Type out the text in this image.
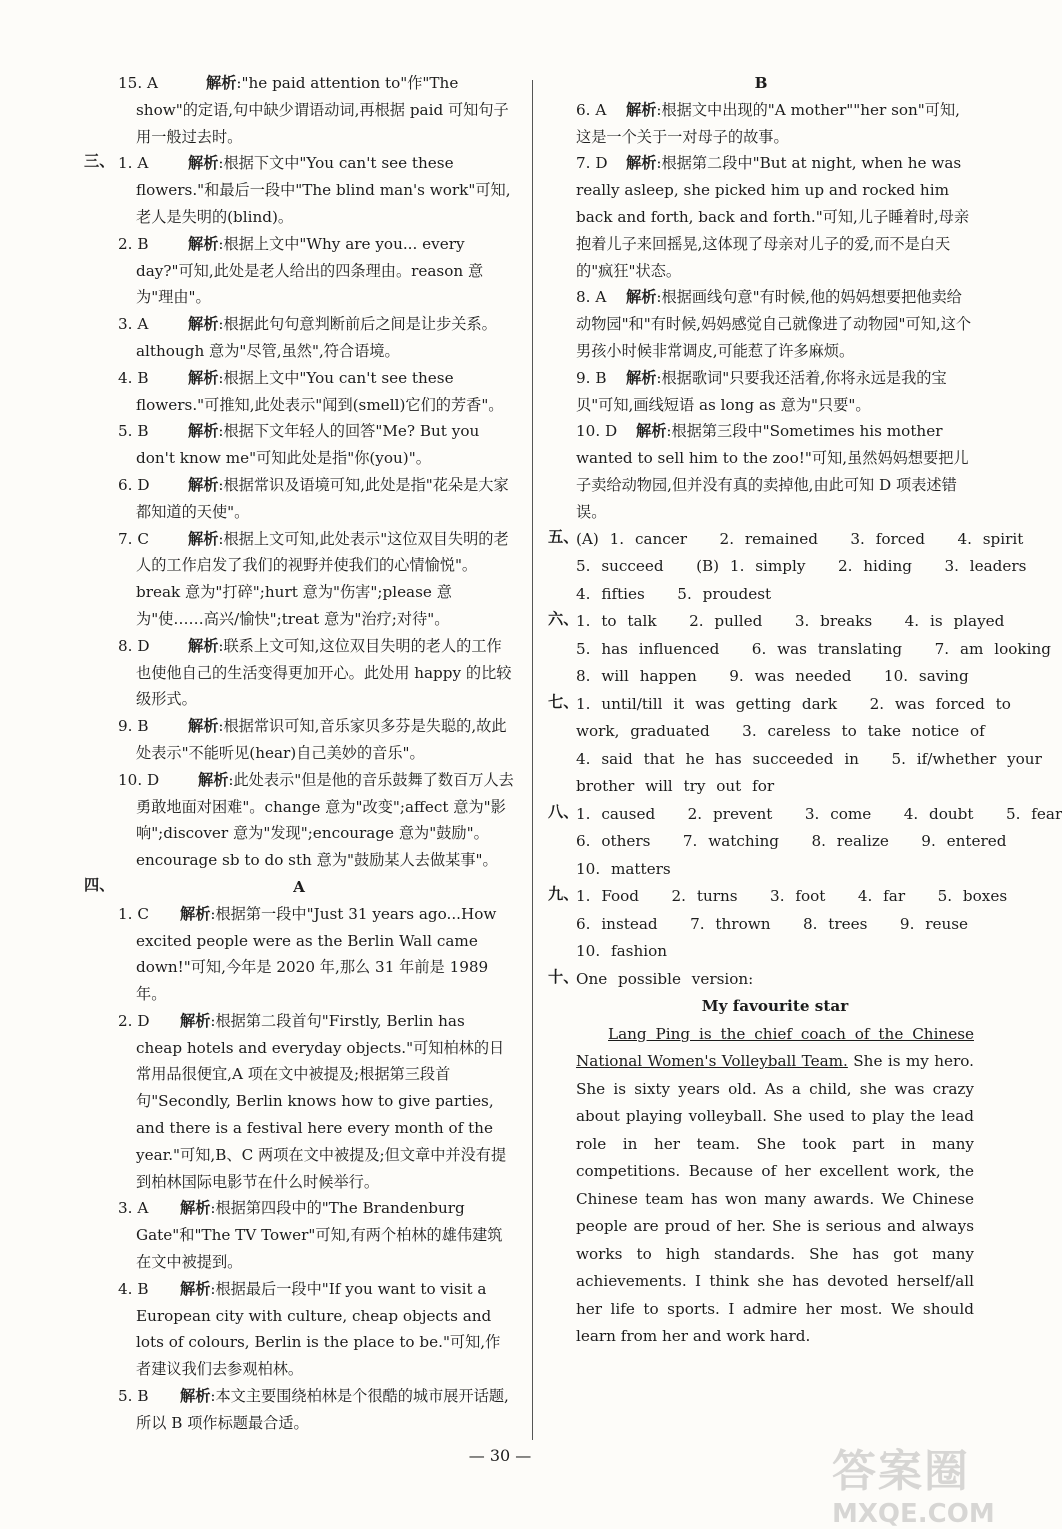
15. A	解析:"he paid attention to"作"The show"的定语,句中缺少谓语动词,再根据 paid 可知句子用一般过去时。
三、 1. A	解析:根据下文中"You can't see these flowers."和最后一段中"The blind man's work"可知,老人是失明的(blind)。
2. B	解析:根据上文中"Why are you... every day?"可知,此处是老人给出的四条理由。reason 意为"理由"。
3. A	解析:根据此句句意判断前后之间是让步关系。although 意为"尽管,虽然",符合语境。
4. B	解析:根据上文中"You can't see these flowers."可推知,此处表示"闻到(smell)它们的芳香"。
5. B	解析:根据下文年轻人的回答"Me? But you don't know me"可知此处是指"你(you)"。
6. D	解析:根据常识及语境可知,此处是指"花朵是大家都知道的天使"。
7. C	解析:根据上文可知,此处表示"这位双目失明的老人的工作启发了我们的视野并使我们的心情愉悦"。break 意为"打碎";hurt 意为"伤害";please 意为"使……高兴/愉快";treat 意为"治疗;对待"。
8. D	解析:联系上文可知,这位双目失明的老人的工作也使他自己的生活变得更加开心。此处用 happy 的比较级形式。
9. B	解析:根据常识可知,音乐家贝多芬是失聪的,故此处表示"不能听见(hear)自己美妙的音乐"。
10. D	解析:此处表示"但是他的音乐鼓舞了数百万人去勇敢地面对困难"。change 意为"改变";affect 意为"影响";discover 意为"发现";encourage 意为"鼓励"。encourage sb to do sth 意为"鼓励某人去做某事"。
四、	A
1. C	解析:根据第一段中"Just 31 years ago...How excited people were as the Berlin Wall came down!"可知,今年是 2020 年,那么 31 年前是 1989 年。
2. D	解析:根据第二段首句"Firstly, Berlin has cheap hotels and everyday objects."可知柏林的日常用品很便宜,A 项在文中被提及;根据第三段首句"Secondly, Berlin knows how to give parties, and there is a festival here every month of the year."可知,B、C 两项在文中被提及;但文章中并没有提到柏林国际电影节在什么时候举行。
3. A	解析:根据第四段中的"The Brandenburg Gate"和"The TV Tower"可知,有两个柏林的雄伟建筑在文中被提到。
4. B	解析:根据最后一段中"If you want to visit a European city with culture, cheap objects and lots of colours, Berlin is the place to be."可知,作者建议我们去参观柏林。
5. B	解析:本文主要围绕柏林是个很酷的城市展开话题,所以 B 项作标题最合适。
B
6. A	解析:根据文中出现的"A mother""her son"可知,这是一个关于一对母子的故事。
7. D	解析:根据第二段中"But at night, when he was really asleep, she picked him up and rocked him back and forth, back and forth."可知,儿子睡着时,母亲抱着儿子来回摇晃,这体现了母亲对儿子的爱,而不是白天的"疯狂"状态。
8. A	解析:根据画线句意"有时候,他的妈妈想要把他卖给动物园"和"有时候,妈妈感觉自己就像进了动物园"可知,这个男孩小时候非常调皮,可能惹了许多麻烦。
9. B	解析:根据歌词"只要我还活着,你将永远是我的宝贝"可知,画线短语 as long as 意为"只要"。
10. D	解析:根据第三段中"Sometimes his mother wanted to sell him to the zoo!"可知,虽然妈妈想要把儿子卖给动物园,但并没有真的卖掉他,由此可知 D 项表述错误。
五、
(A) 1. cancer   2. remained   3. forced   4. spirit
5. succeed   (B) 1. simply   2. hiding   3. leaders
4. fifties   5. proudest
六、
1. to talk   2. pulled   3. breaks   4. is played
5. has influenced   6. was translating   7. am looking
8. will happen   9. was needed   10. saving
七、
1. until/till it was getting dark   2. was forced to
work, graduated   3. careless to take notice of
4. said that he has succeeded in   5. if/whether your
brother will try out for
八、
1. caused   2. prevent   3. come   4. doubt   5. fear
6. others   7. watching   8. realize   9. entered
10. matters
九、
1. Food   2. turns   3. foot   4. far   5. boxes
6. instead   7. thrown   8. trees   9. reuse
10. fashion
十、
One possible version:
My favourite star
Lang Ping is the chief coach of the Chinese National Women's Volleyball Team. She is my hero. She is sixty years old. As a child, she was crazy about playing volleyball. She used to play the lead role in her team. She took part in many competitions. Because of her excellent work, the Chinese team has won many awards. We Chinese people are proud of her. She is serious and always works to high standards. She has got many achievements. I think she has devoted herself/all her life to sports. I admire her most. We should learn from her and work hard.
— 30 —	答案圈
MXQE.COM
